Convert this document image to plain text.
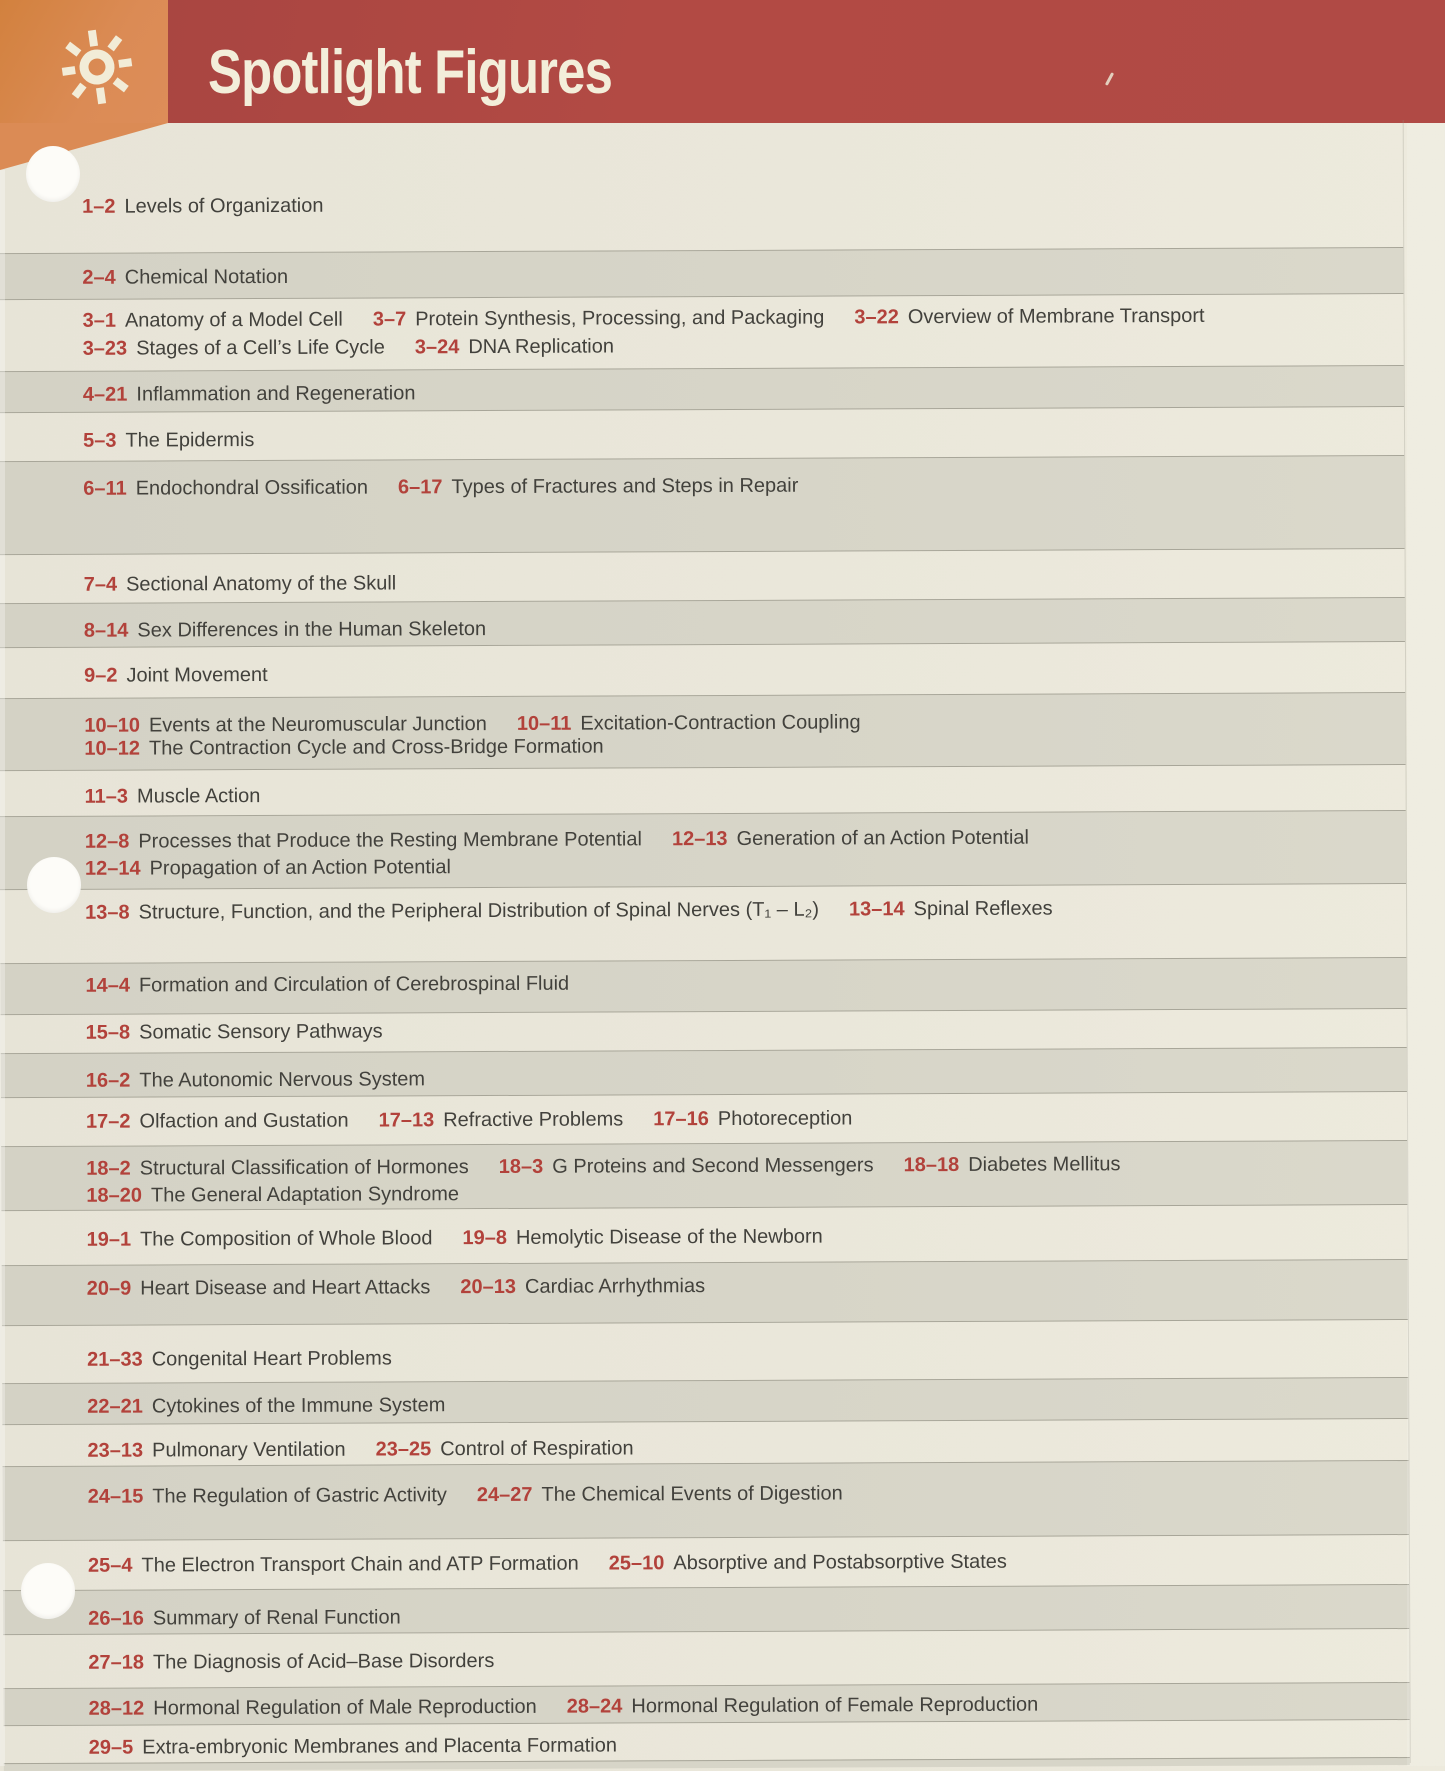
Spotlight Figures
1–2 Levels of Organization
2–4 Chemical Notation
3–1 Anatomy of a Model Cell 3–7 Protein Synthesis, Processing, and Packaging 3–22 Overview of Membrane Transport
3–23 Stages of a Cell’s Life Cycle 3–24 DNA Replication
4–21 Inflammation and Regeneration
5–3 The Epidermis
6–11 Endochondral Ossification 6–17 Types of Fractures and Steps in Repair
7–4 Sectional Anatomy of the Skull
8–14 Sex Differences in the Human Skeleton
9–2 Joint Movement
10–10 Events at the Neuromuscular Junction 10–11 Excitation-Contraction Coupling
10–12 The Contraction Cycle and Cross-Bridge Formation
11–3 Muscle Action
12–8 Processes that Produce the Resting Membrane Potential 12–13 Generation of an Action Potential
12–14 Propagation of an Action Potential
13–8 Structure, Function, and the Peripheral Distribution of Spinal Nerves (T₁ – L₂) 13–14 Spinal Reflexes
14–4 Formation and Circulation of Cerebrospinal Fluid
15–8 Somatic Sensory Pathways
16–2 The Autonomic Nervous System
17–2 Olfaction and Gustation 17–13 Refractive Problems 17–16 Photoreception
18–2 Structural Classification of Hormones 18–3 G Proteins and Second Messengers 18–18 Diabetes Mellitus
18–20 The General Adaptation Syndrome
19–1 The Composition of Whole Blood 19–8 Hemolytic Disease of the Newborn
20–9 Heart Disease and Heart Attacks 20–13 Cardiac Arrhythmias
21–33 Congenital Heart Problems
22–21 Cytokines of the Immune System
23–13 Pulmonary Ventilation 23–25 Control of Respiration
24–15 The Regulation of Gastric Activity 24–27 The Chemical Events of Digestion
25–4 The Electron Transport Chain and ATP Formation 25–10 Absorptive and Postabsorptive States
26–16 Summary of Renal Function
27–18 The Diagnosis of Acid–Base Disorders
28–12 Hormonal Regulation of Male Reproduction 28–24 Hormonal Regulation of Female Reproduction
29–5 Extra-embryonic Membranes and Placenta Formation
